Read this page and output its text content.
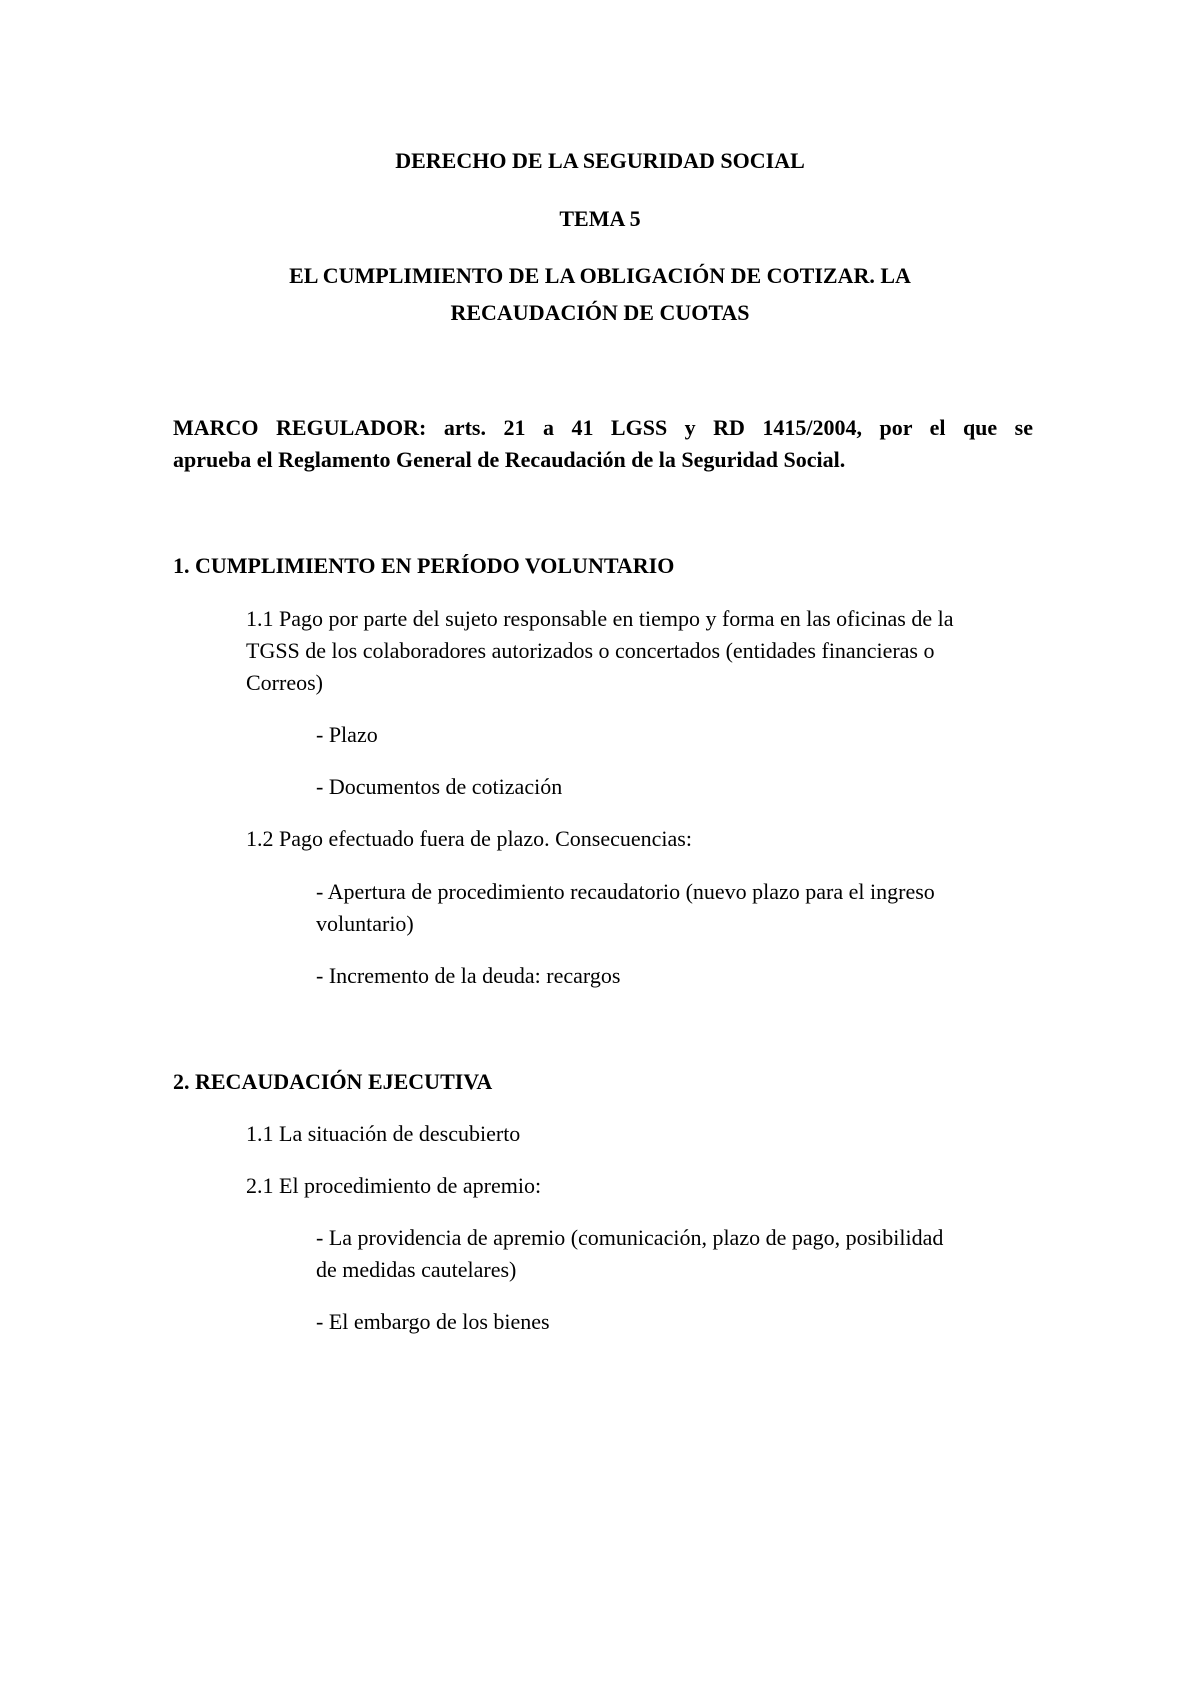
DERECHO DE LA SEGURIDAD SOCIAL

TEMA 5

EL CUMPLIMIENTO DE LA OBLIGACIÓN DE COTIZAR. LA

RECAUDACIÓN DE CUOTAS

MARCO REGULADOR: arts. 21 a 41 LGSS y RD 1415/2004, por el que se

aprueba el Reglamento General de Recaudación de la Seguridad Social.

1. CUMPLIMIENTO EN PERÍODO VOLUNTARIO

1.1 Pago por parte del sujeto responsable en tiempo y forma en las oficinas de la

TGSS de los colaboradores autorizados o concertados (entidades financieras o

Correos)

- Plazo

- Documentos de cotización

1.2 Pago efectuado fuera de plazo. Consecuencias:

- Apertura de procedimiento recaudatorio (nuevo plazo para el ingreso

voluntario)

- Incremento de la deuda: recargos

2. RECAUDACIÓN EJECUTIVA

1.1 La situación de descubierto

2.1 El procedimiento de apremio:

- La providencia de apremio (comunicación, plazo de pago, posibilidad

de medidas cautelares)

- El embargo de los bienes
